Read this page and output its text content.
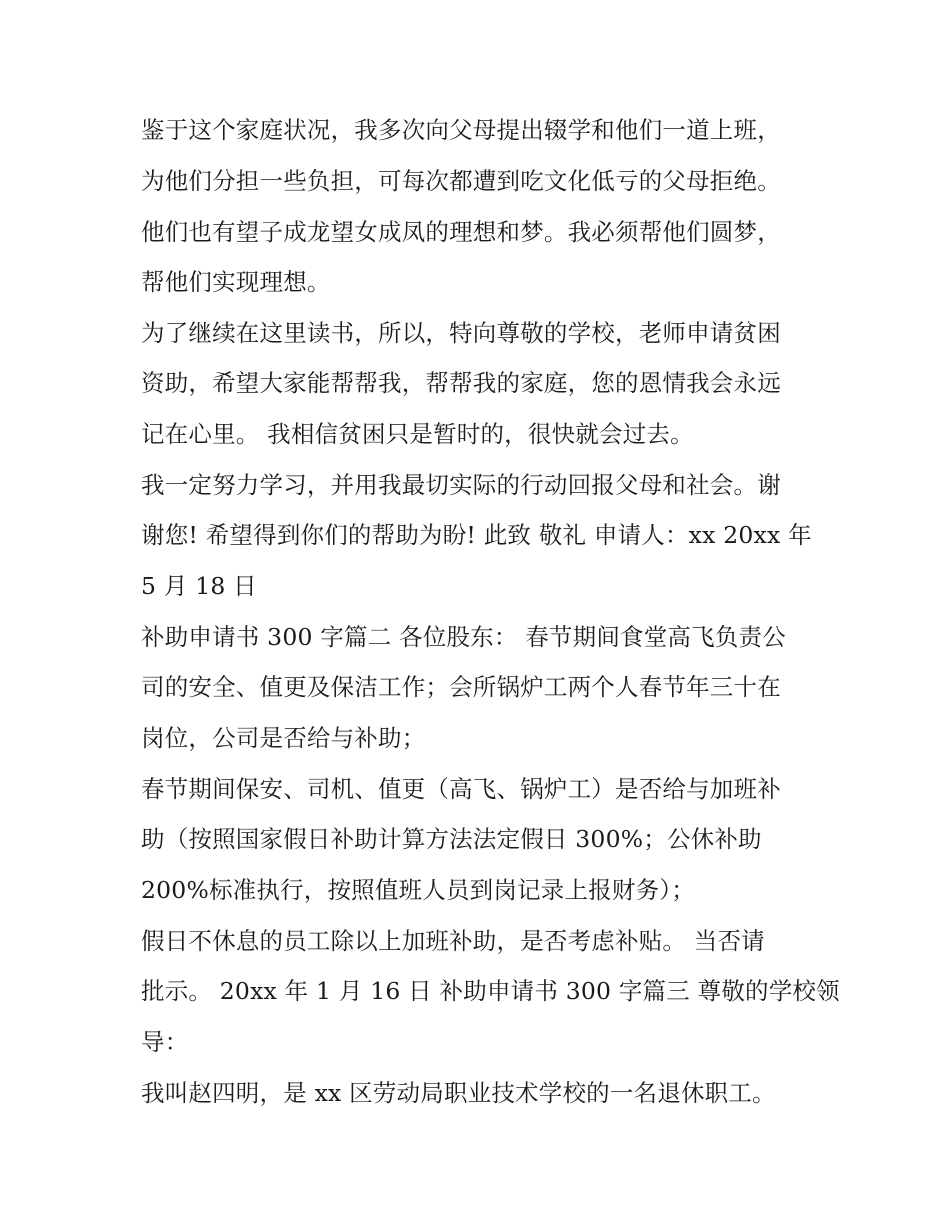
鉴于这个家庭状况，我多次向父母提出辍学和他们一道上班，
为他们分担一些负担，可每次都遭到吃文化低亏的父母拒绝。
他们也有望子成龙望女成凤的理想和梦。我必须帮他们圆梦，
帮他们实现理想。
为了继续在这里读书，所以，特向尊敬的学校，老师申请贫困
资助，希望大家能帮帮我，帮帮我的家庭，您的恩情我会永远
记在心里。 我相信贫困只是暂时的，很快就会过去。
我一定努力学习，并用我最切实际的行动回报父母和社会。谢
谢您! 希望得到你们的帮助为盼! 此致 敬礼 申请人：xx 20xx 年
5 月 18 日
补助申请书 300 字篇二 各位股东： 春节期间食堂高飞负责公
司的安全、值更及保洁工作；会所锅炉工两个人春节年三十在
岗位，公司是否给与补助；
春节期间保安、司机、值更（高飞、锅炉工）是否给与加班补
助（按照国家假日补助计算方法法定假日 300%；公休补助
200%标准执行，按照值班人员到岗记录上报财务）；
假日不休息的员工除以上加班补助，是否考虑补贴。 当否请
批示。 20xx 年 1 月 16 日 补助申请书 300 字篇三 尊敬的学校领
导：
我叫赵四明，是 xx 区劳动局职业技术学校的一名退休职工。
